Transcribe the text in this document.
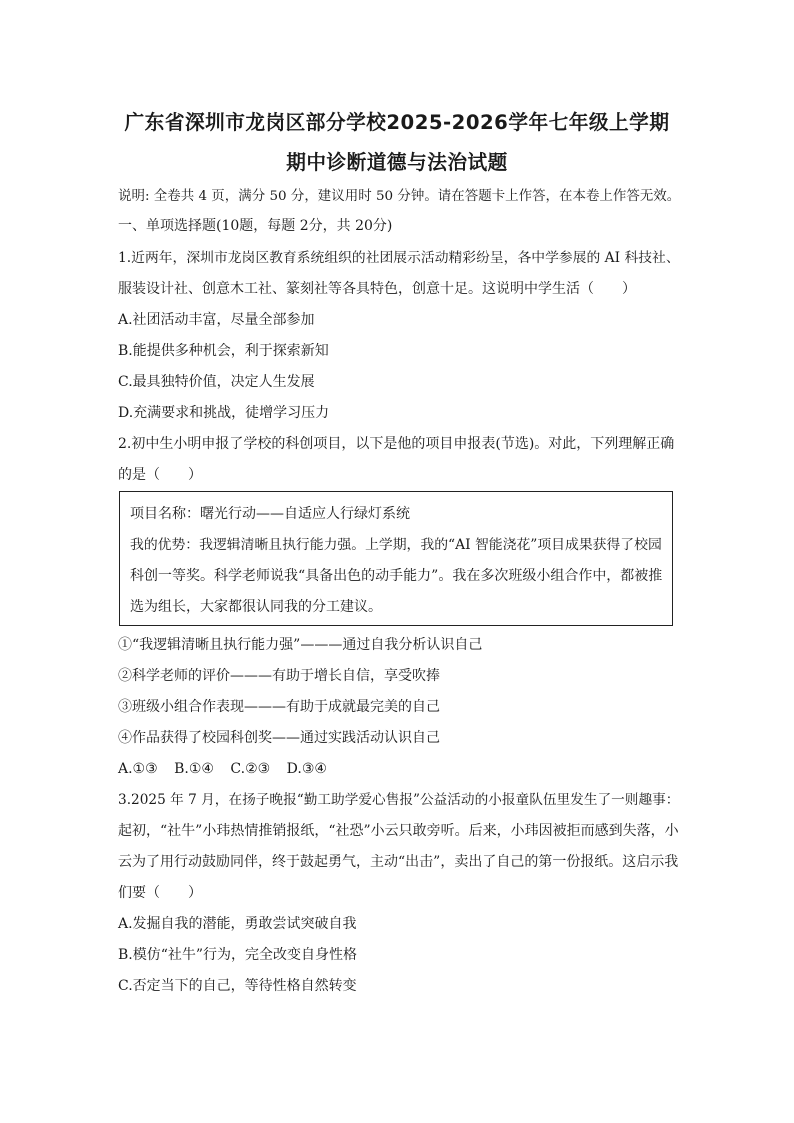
广东省深圳市龙岗区部分学校2025-2026学年七年级上学期
期中诊断道德与法治试题
说明: 全卷共 4 页，满分 50 分，建议用时 50 分钟。请在答题卡上作答，在本卷上作答无效。
一、单项选择题(10题，每题 2分，共 20分)
1.近两年，深圳市龙岗区教育系统组织的社团展示活动精彩纷呈，各中学参展的 AI 科技社、
服装设计社、创意木工社、篆刻社等各具特色，创意十足。这说明中学生活（　　）
A.社团活动丰富，尽量全部参加
B.能提供多种机会，利于探索新知
C.最具独特价值，决定人生发展
D.充满要求和挑战，徒增学习压力
2.初中生小明申报了学校的科创项目，以下是他的项目申报表(节选)。对此，下列理解正确
的是（　　）
项目名称：曙光行动——自适应人行绿灯系统
我的优势：我逻辑清晰且执行能力强。上学期，我的“AI 智能浇花”项目成果获得了校园
科创一等奖。科学老师说我“具备出色的动手能力”。我在多次班级小组合作中，都被推
选为组长，大家都很认同我的分工建议。
①“我逻辑清晰且执行能力强”———通过自我分析认识自己
②科学老师的评价———有助于增长自信，享受吹捧
③班级小组合作表现———有助于成就最完美的自己
④作品获得了校园科创奖——通过实践活动认识自己
A.①③ B.①④ C.②③ D.③④
3.2025 年 7 月，在扬子晚报“勤工助学爱心售报”公益活动的小报童队伍里发生了一则趣事：
起初，“社牛”小玮热情推销报纸，“社恐”小云只敢旁听。后来，小玮因被拒而感到失落，小
云为了用行动鼓励同伴，终于鼓起勇气，主动“出击”，卖出了自己的第一份报纸。这启示我
们要（　　）
A.发掘自我的潜能，勇敢尝试突破自我
B.模仿“社牛”行为，完全改变自身性格
C.否定当下的自己，等待性格自然转变
